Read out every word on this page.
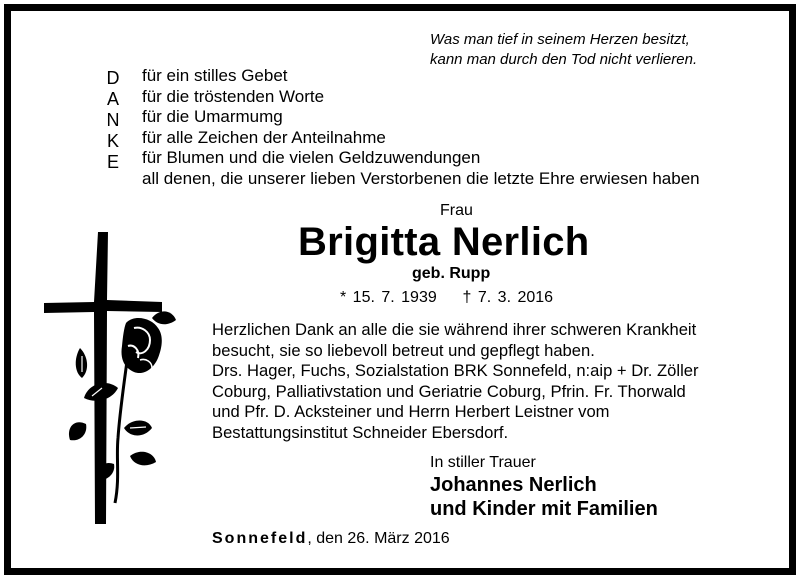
Was man tief in seinem Herzen besitzt,
kann man durch den Tod nicht verlieren.
D
A
N
K
E
für ein stilles Gebet
für die tröstenden Worte
für die Umarmumg
für alle Zeichen der Anteilnahme
für Blumen und die vielen Geldzuwendungen
all denen, die unserer lieben Verstorbenen die letzte Ehre erwiesen haben
Frau
Brigitta Nerlich
geb. Rupp
* 15. 7. 1939 † 7. 3. 2016
Herzlichen Dank an alle die sie während ihrer schweren Krankheit
besucht, sie so liebevoll betreut und gepflegt haben.
Drs. Hager, Fuchs, Sozialstation BRK Sonnefeld, n:aip + Dr. Zöller
Coburg, Palliativstation und Geriatrie Coburg, Pfrin. Fr. Thorwald
und Pfr. D. Acksteiner und Herrn Herbert Leistner vom
Bestattungsinstitut Schneider Ebersdorf.
In stiller Trauer
Johannes Nerlich
und Kinder mit Familien
Sonnefeld, den 26. März 2016
